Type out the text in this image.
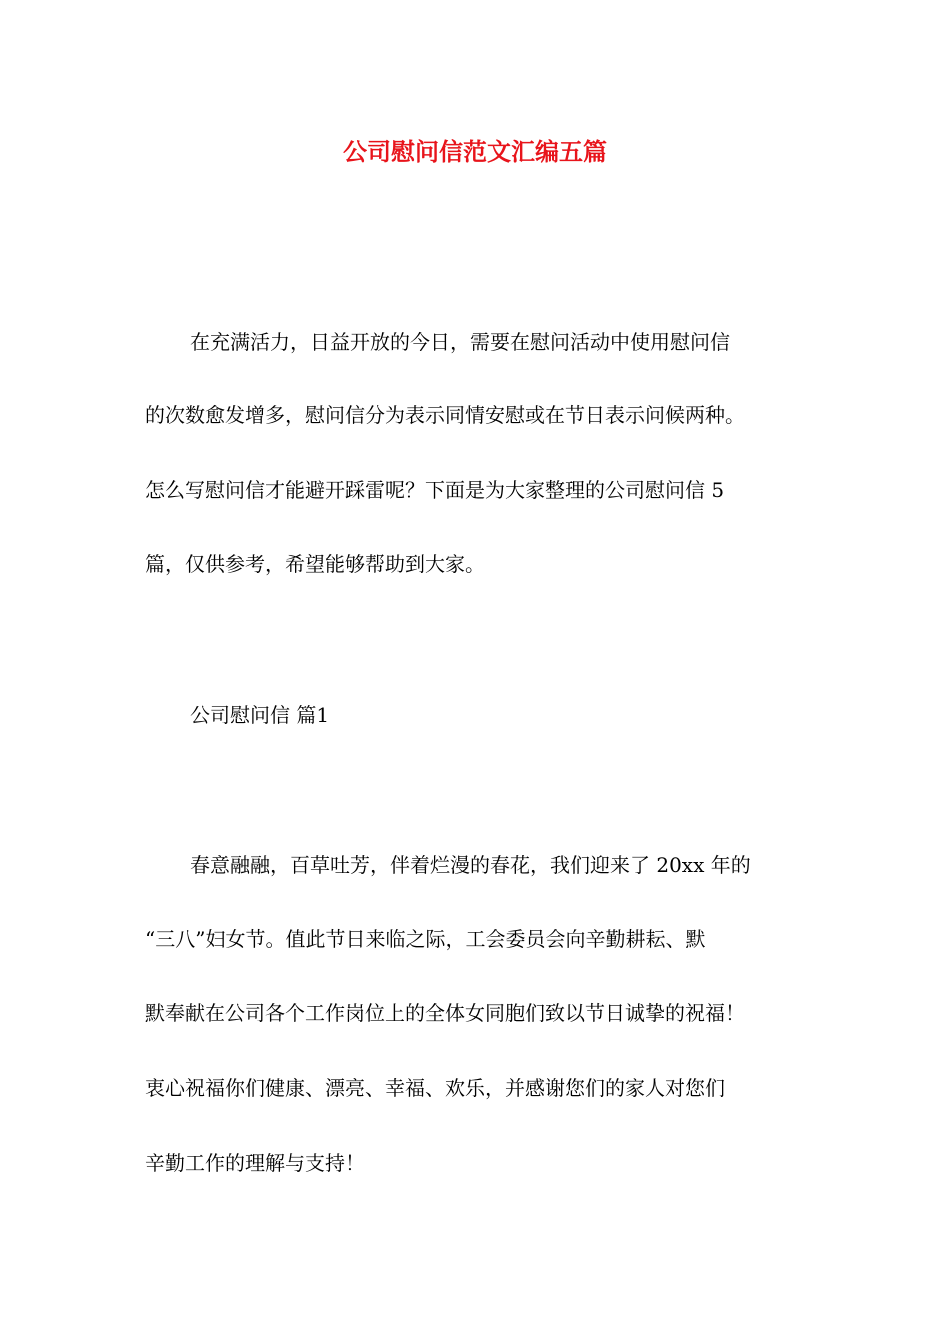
公司慰问信范文汇编五篇

在充满活力，日益开放的今日，需要在慰问活动中使用慰问信

的次数愈发增多，慰问信分为表示同情安慰或在节日表示问候两种。

怎么写慰问信才能避开踩雷呢？下面是为大家整理的公司慰问信 5

篇，仅供参考，希望能够帮助到大家。

公司慰问信 篇1

春意融融，百草吐芳，伴着烂漫的春花，我们迎来了 20xx 年的

“三八”妇女节。值此节日来临之际，工会委员会向辛勤耕耘、默

默奉献在公司各个工作岗位上的全体女同胞们致以节日诚挚的祝福！

衷心祝福你们健康、漂亮、幸福、欢乐，并感谢您们的家人对您们

辛勤工作的理解与支持！
